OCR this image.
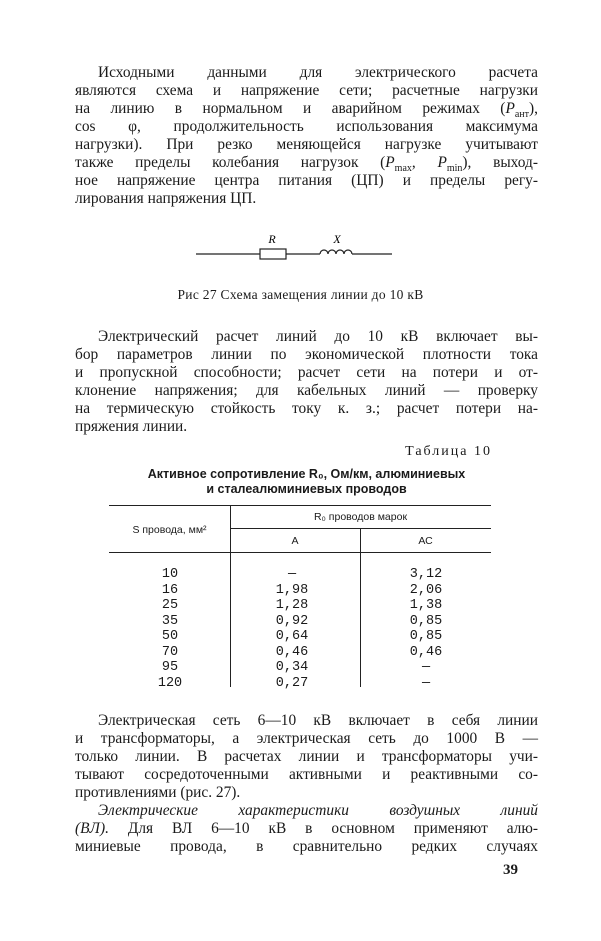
Исходными данными для электрического расчета
являются схема и напряжение сети; расчетные нагрузки
на линию в нормальном и аварийном режимах $(P_{ант})$,
cos φ, продолжительность использования максимума
нагрузки). При резко меняющейся нагрузке учитывают
также пределы колебания нагрузок ($P_{max}$, $P_{min}$), выход-
ное напряжение центра питания (ЦП) и пределы регу-
лирования напряжения ЦП.
R	X
Рис 27 Схема замещения линии до 10 кВ
Электрический расчет линий до 10 кВ включает вы-
бор параметров линии по экономической плотности тока
и пропускной способности; расчет сети на потери и от-
клонение напряжения; для кабельных линий — проверку
на термическую стойкость току к. з.; расчет потери на-
пряжения линии.
Таблица 10
Активное сопротивление R₀, Ом/км, алюминиевых
и сталеалюминиевых проводов
S провода, мм²
R₀ проводов марок
А	АС
10
16
25
35
50
70
95
120
—
1,98
1,28
0,92
0,64
0,46
0,34
0,27
3,12
2,06
1,38
0,85
0,85
0,46
—
—
Электрическая сеть 6—10 кВ включает в себя линии
и трансформаторы, а электрическая сеть до 1000 В —
только линии. В расчетах линии и трансформаторы учи-
тывают сосредоточенными активными и реактивными со-
противлениями (рис. 27).
Электрические характеристики воздушных линий
(ВЛ). Для ВЛ 6—10 кВ в основном применяют алю-
миниевые провода, в сравнительно редких случаях
39
